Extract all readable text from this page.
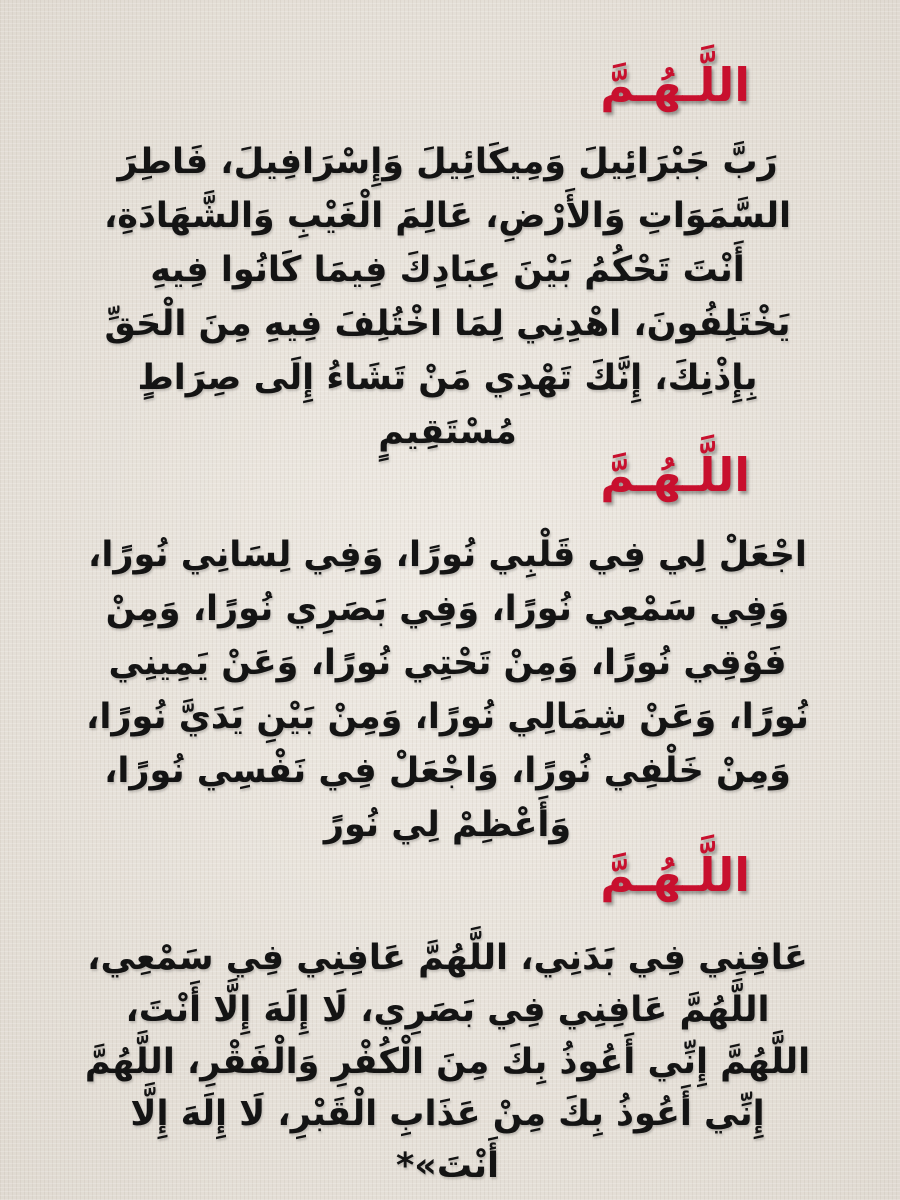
اللَّـهُـمَّ
رَبَّ جَبْرَائِيلَ وَمِيكَائِيلَ وَإِسْرَافِيلَ، فَاطِرَ السَّمَوَاتِ وَالأَرْضِ، عَالِمَ الْغَيْبِ وَالشَّهَادَةِ، أَنْتَ تَحْكُمُ بَيْنَ عِبَادِكَ فِيمَا كَانُوا فِيهِ يَخْتَلِفُونَ، اهْدِنِي لِمَا اخْتُلِفَ فِيهِ مِنَ الْحَقِّ بِإِذْنِكَ، إِنَّكَ تَهْدِي مَنْ تَشَاءُ إِلَى صِرَاطٍ مُسْتَقِيمٍ
اللَّـهُـمَّ
اجْعَلْ لِي فِي قَلْبِي نُورًا، وَفِي لِسَانِي نُورًا، وَفِي سَمْعِي نُورًا، وَفِي بَصَرِي نُورًا، وَمِنْ فَوْقِي نُورًا، وَمِنْ تَحْتِي نُورًا، وَعَنْ يَمِينِي نُورًا، وَعَنْ شِمَالِي نُورًا، وَمِنْ بَيْنِ يَدَيَّ نُورًا، وَمِنْ خَلْفِي نُورًا، وَاجْعَلْ فِي نَفْسِي نُورًا، وَأَعْظِمْ لِي نُورً
اللَّـهُـمَّ
عَافِنِي فِي بَدَنِي، اللَّهُمَّ عَافِنِي فِي سَمْعِي، اللَّهُمَّ عَافِنِي فِي بَصَرِي، لَا إِلَهَ إِلَّا أَنْتَ، اللَّهُمَّ إِنِّي أَعُوذُ بِكَ مِنَ الْكُفْرِ وَالْفَقْرِ، اللَّهُمَّ إِنِّي أَعُوذُ بِكَ مِنْ عَذَابِ الْقَبْرِ، لَا إِلَهَ إِلَّا أَنْتَ»*
